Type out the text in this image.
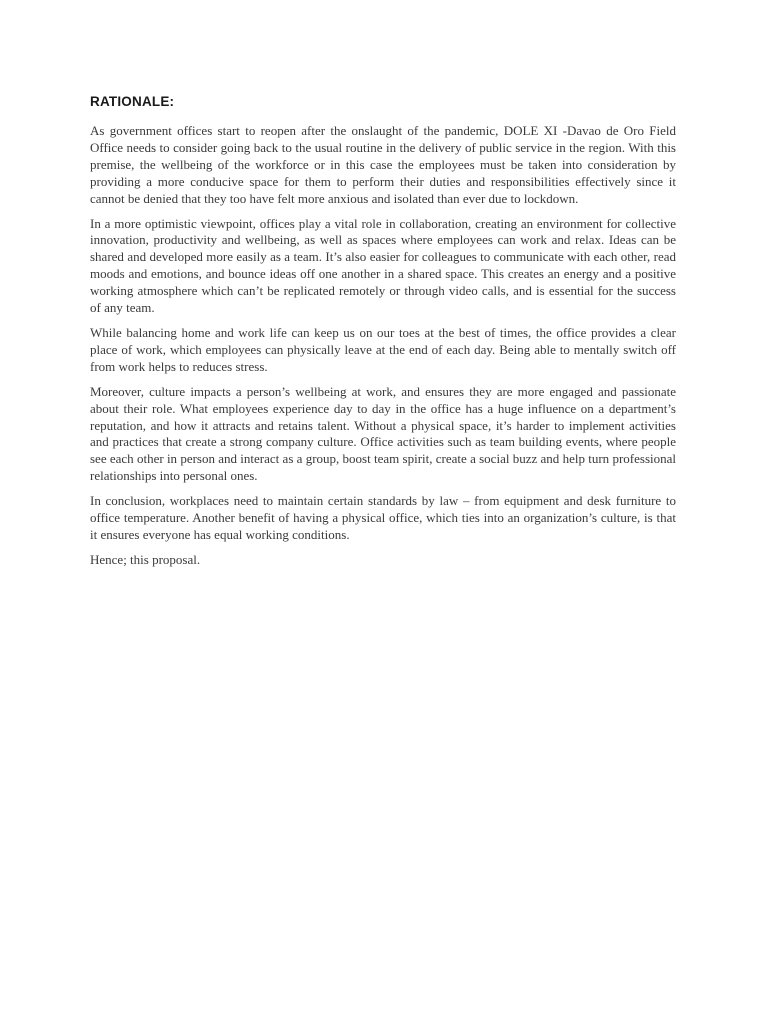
RATIONALE:

As government offices start to reopen after the onslaught of the pandemic, DOLE XI -Davao de Oro Field Office needs to consider going back to the usual routine in the delivery of public service in the region. With this premise, the wellbeing of the workforce or in this case the employees must be taken into consideration by providing a more conducive space for them to perform their duties and responsibilities effectively since it cannot be denied that they too have felt more anxious and isolated than ever due to lockdown.

In a more optimistic viewpoint, offices play a vital role in collaboration, creating an environment for collective innovation, productivity and wellbeing, as well as spaces where employees can work and relax. Ideas can be shared and developed more easily as a team. It’s also easier for colleagues to communicate with each other, read moods and emotions, and bounce ideas off one another in a shared space. This creates an energy and a positive working atmosphere which can’t be replicated remotely or through video calls, and is essential for the success of any team.

While balancing home and work life can keep us on our toes at the best of times, the office provides a clear place of work, which employees can physically leave at the end of each day. Being able to mentally switch off from work helps to reduces stress.

Moreover, culture impacts a person’s wellbeing at work, and ensures they are more engaged and passionate about their role. What employees experience day to day in the office has a huge influence on a department’s reputation, and how it attracts and retains talent. Without a physical space, it’s harder to implement activities and practices that create a strong company culture. Office activities such as team building events, where people see each other in person and interact as a group, boost team spirit, create a social buzz and help turn professional relationships into personal ones.

In conclusion, workplaces need to maintain certain standards by law – from equipment and desk furniture to office temperature. Another benefit of having a physical office, which ties into an organization’s culture, is that it ensures everyone has equal working conditions.

Hence; this proposal.
